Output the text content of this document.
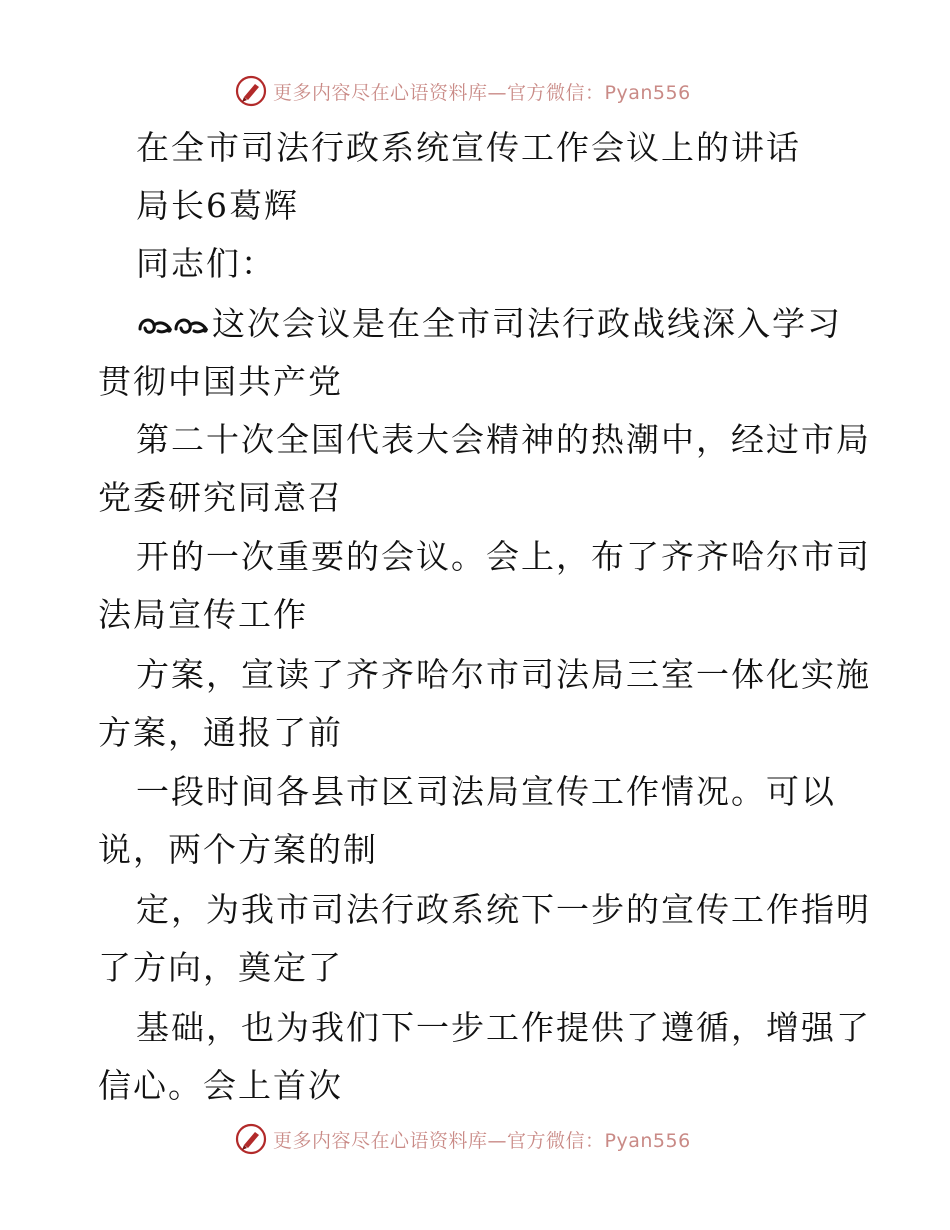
更多内容尽在心语资料库—官方微信：Pyan556
在全市司法行政系统宣传工作会议上的讲话
局长6葛辉
同志们：
这次会议是在全市司法行政战线深入学习
贯彻中国共产党
第二十次全国代表大会精神的热潮中，经过市局
党委研究同意召
开的一次重要的会议。会上，布了齐齐哈尔市司
法局宣传工作
方案，宣读了齐齐哈尔市司法局三室一体化实施
方案，通报了前
一段时间各县市区司法局宣传工作情况。可以
说，两个方案的制
定，为我市司法行政系统下一步的宣传工作指明
了方向，奠定了
基础，也为我们下一步工作提供了遵循，增强了
信心。会上首次
更多内容尽在心语资料库—官方微信：Pyan556
